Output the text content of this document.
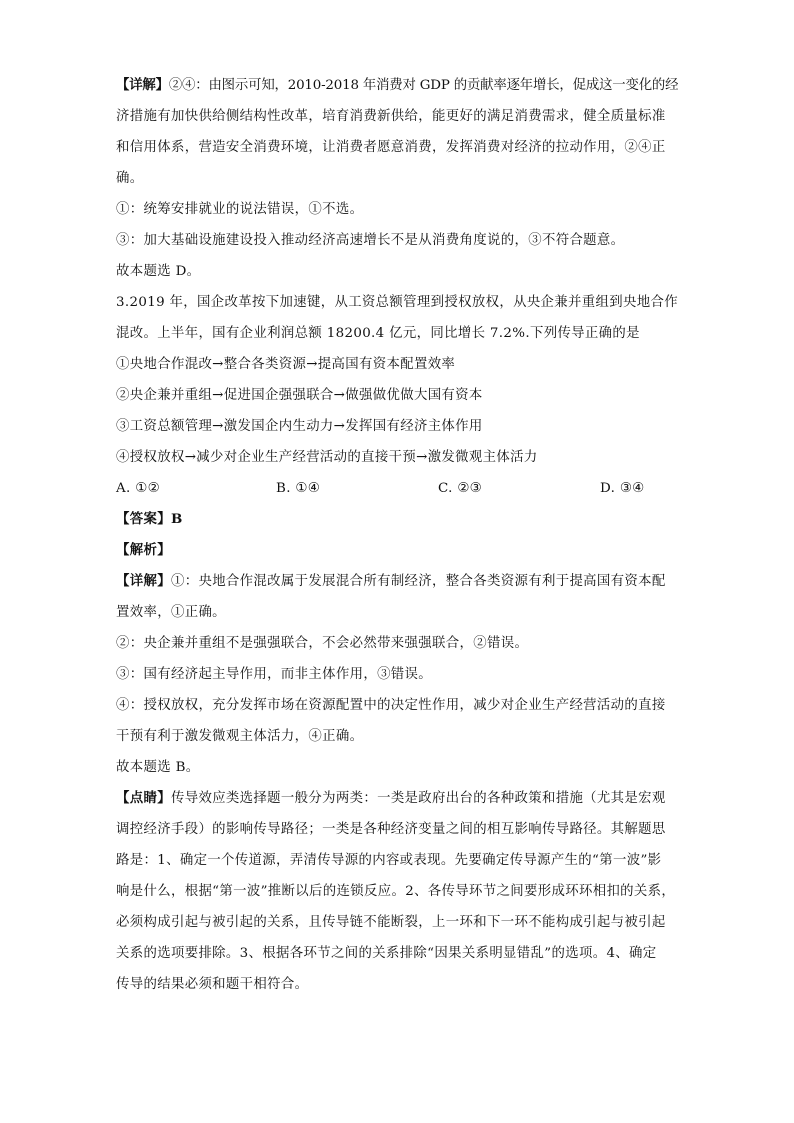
【详解】②④：由图示可知，2010-2018 年消费对 GDP 的贡献率逐年增长，促成这一变化的经
济措施有加快供给侧结构性改革，培育消费新供给，能更好的满足消费需求，健全质量标准
和信用体系，营造安全消费环境，让消费者愿意消费，发挥消费对经济的拉动作用，②④正
确。
①：统筹安排就业的说法错误，①不选。
③：加大基础设施建设投入推动经济高速增长不是从消费角度说的，③不符合题意。
故本题选 D。
3.2019 年，国企改革按下加速键，从工资总额管理到授权放权，从央企兼并重组到央地合作
混改。上半年，国有企业利润总额 18200.4 亿元，同比增长 7.2%.下列传导正确的是
①央地合作混改→整合各类资源→提高国有资本配置效率
②央企兼并重组→促进国企强强联合→做强做优做大国有资本
③工资总额管理→激发国企内生动力→发挥国有经济主体作用
④授权放权→减少对企业生产经营活动的直接干预→激发微观主体活力
A. ①②	B. ①④	C. ②③	D. ③④
【答案】B
【解析】
【详解】①：央地合作混改属于发展混合所有制经济，整合各类资源有利于提高国有资本配
置效率，①正确。
②：央企兼并重组不是强强联合，不会必然带来强强联合，②错误。
③：国有经济起主导作用，而非主体作用，③错误。
④：授权放权，充分发挥市场在资源配置中的决定性作用，减少对企业生产经营活动的直接
干预有利于激发微观主体活力，④正确。
故本题选 B。
【点睛】传导效应类选择题一般分为两类：一类是政府出台的各种政策和措施（尤其是宏观
调控经济手段）的影响传导路径；一类是各种经济变量之间的相互影响传导路径。其解题思
路是：1、确定一个传道源，弄清传导源的内容或表现。先要确定传导源产生的“第一波”影
响是什么，根据“第一波”推断以后的连锁反应。2、各传导环节之间要形成环环相扣的关系，
必须构成引起与被引起的关系，且传导链不能断裂，上一环和下一环不能构成引起与被引起
关系的选项要排除。3、根据各环节之间的关系排除“因果关系明显错乱”的选项。4、确定
传导的结果必须和题干相符合。
